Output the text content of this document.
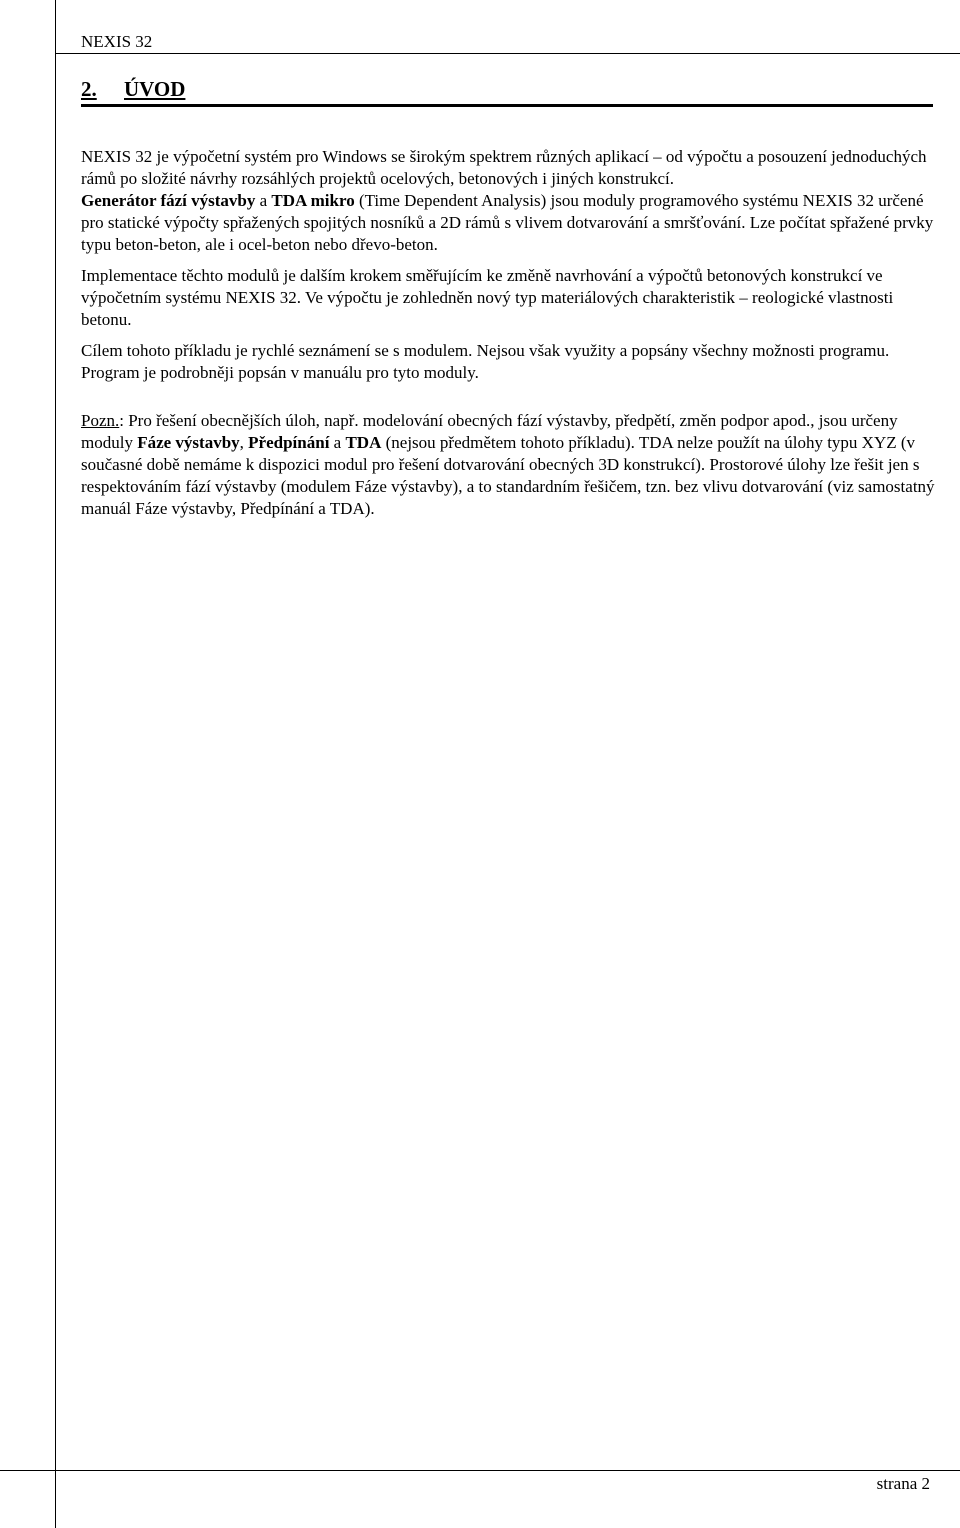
NEXIS 32
2. ÚVOD

NEXIS 32 je výpočetní systém pro Windows se širokým spektrem různých aplikací – od výpočtu a posouzení jednoduchých rámů po složité návrhy rozsáhlých projektů ocelových, betonových i jiných konstrukcí.

Generátor fází výstavby a TDA mikro (Time Dependent Analysis) jsou moduly programového systému NEXIS 32 určené pro statické výpočty spřažených spojitých nosníků a 2D rámů s vlivem dotvarování a smršťování. Lze počítat spřažené prvky typu beton-beton, ale i ocel-beton nebo dřevo-beton.

Implementace těchto modulů je dalším krokem směřujícím ke změně navrhování a výpočtů betonových konstrukcí ve výpočetním systému NEXIS 32. Ve výpočtu je zohledněn nový typ materiálových charakteristik – reologické vlastnosti betonu.

Cílem tohoto příkladu je rychlé seznámení se s modulem. Nejsou však využity a popsány všechny možnosti programu. Program je podrobněji popsán v manuálu pro tyto moduly.

Pozn.: Pro řešení obecnějších úloh, např. modelování obecných fází výstavby, předpětí, změn podpor apod., jsou určeny moduly Fáze výstavby, Předpínání a TDA (nejsou předmětem tohoto příkladu). TDA nelze použít na úlohy typu XYZ (v současné době nemáme k dispozici modul pro řešení dotvarování obecných 3D konstrukcí). Prostorové úlohy lze řešit jen s respektováním fází výstavby (modulem Fáze výstavby), a to standardním řešičem, tzn. bez vlivu dotvarování (viz samostatný manuál Fáze výstavby, Předpínání a TDA).

strana 2
